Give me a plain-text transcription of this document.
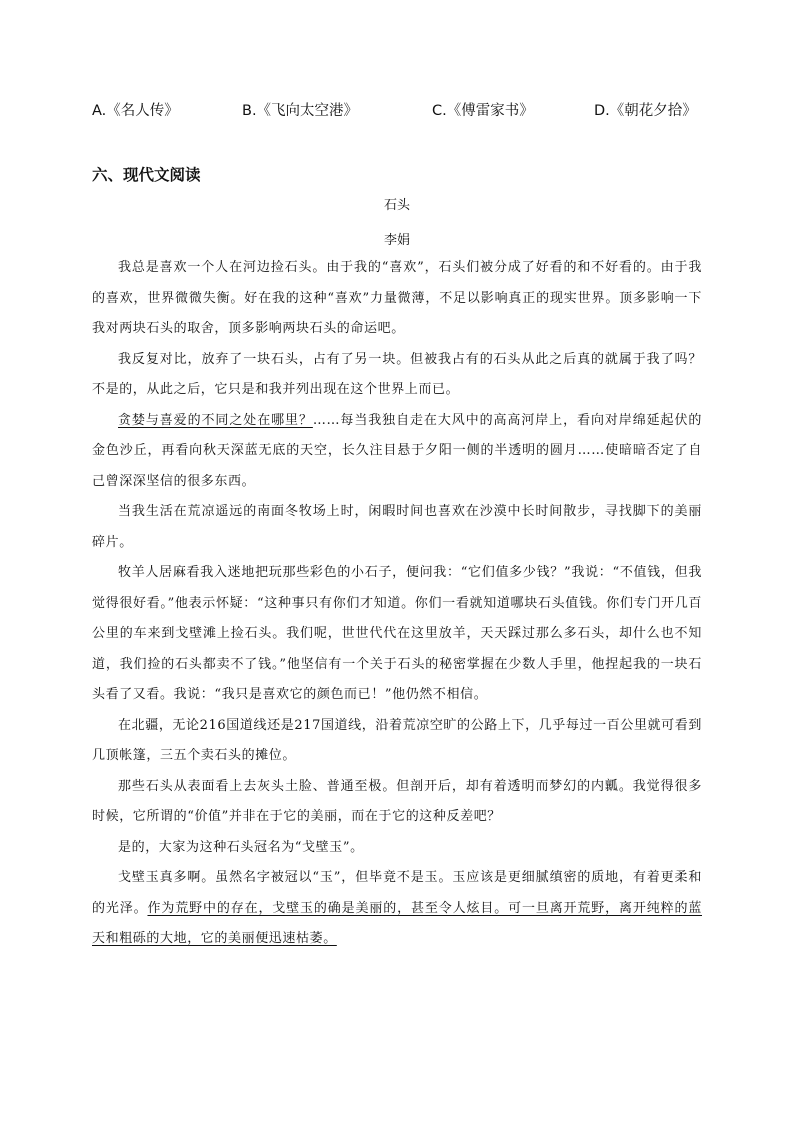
A.《名人传》	B.《飞向太空港》	C.《傅雷家书》	D.《朝花夕拾》
六、现代文阅读
石头
李娟

我总是喜欢一个人在河边捡石头。由于我的“喜欢”，石头们被分成了好看的和不好看的。由于我的喜欢，世界微微失衡。好在我的这种“喜欢”力量微薄，不足以影响真正的现实世界。顶多影响一下我对两块石头的取舍，顶多影响两块石头的命运吧。

我反复对比，放弃了一块石头，占有了另一块。但被我占有的石头从此之后真的就属于我了吗？不是的，从此之后，它只是和我并列出现在这个世界上而已。

贪婪与喜爱的不同之处在哪里？……每当我独自走在大风中的高高河岸上，看向对岸绵延起伏的金色沙丘，再看向秋天深蓝无底的天空，长久注目悬于夕阳一侧的半透明的圆月……使暗暗否定了自己曾深深坚信的很多东西。

当我生活在荒凉遥远的南面冬牧场上时，闲暇时间也喜欢在沙漠中长时间散步，寻找脚下的美丽碎片。

牧羊人居麻看我入迷地把玩那些彩色的小石子，便问我：“它们值多少钱？”我说：“不值钱，但我觉得很好看。”他表示怀疑：“这种事只有你们才知道。你们一看就知道哪块石头值钱。你们专门开几百公里的车来到戈壁滩上捡石头。我们呢，世世代代在这里放羊，天天踩过那么多石头，却什么也不知道，我们捡的石头都卖不了钱。”他坚信有一个关于石头的秘密掌握在少数人手里，他捏起我的一块石头看了又看。我说：“我只是喜欢它的颜色而已！”他仍然不相信。

在北疆，无论216国道线还是217国道线，沿着荒凉空旷的公路上下，几乎每过一百公里就可看到几顶帐篷，三五个卖石头的摊位。

那些石头从表面看上去灰头土脸、普通至极。但剖开后，却有着透明而梦幻的内瓤。我觉得很多时候，它所谓的“价值”并非在于它的美丽，而在于它的这种反差吧？

是的，大家为这种石头冠名为“戈壁玉”。

戈壁玉真多啊。虽然名字被冠以“玉”，但毕竟不是玉。玉应该是更细腻缜密的质地，有着更柔和的光泽。作为荒野中的存在，戈壁玉的确是美丽的，甚至令人炫目。可一旦离开荒野，离开纯粹的蓝天和粗砾的大地，它的美丽便迅速枯萎。
